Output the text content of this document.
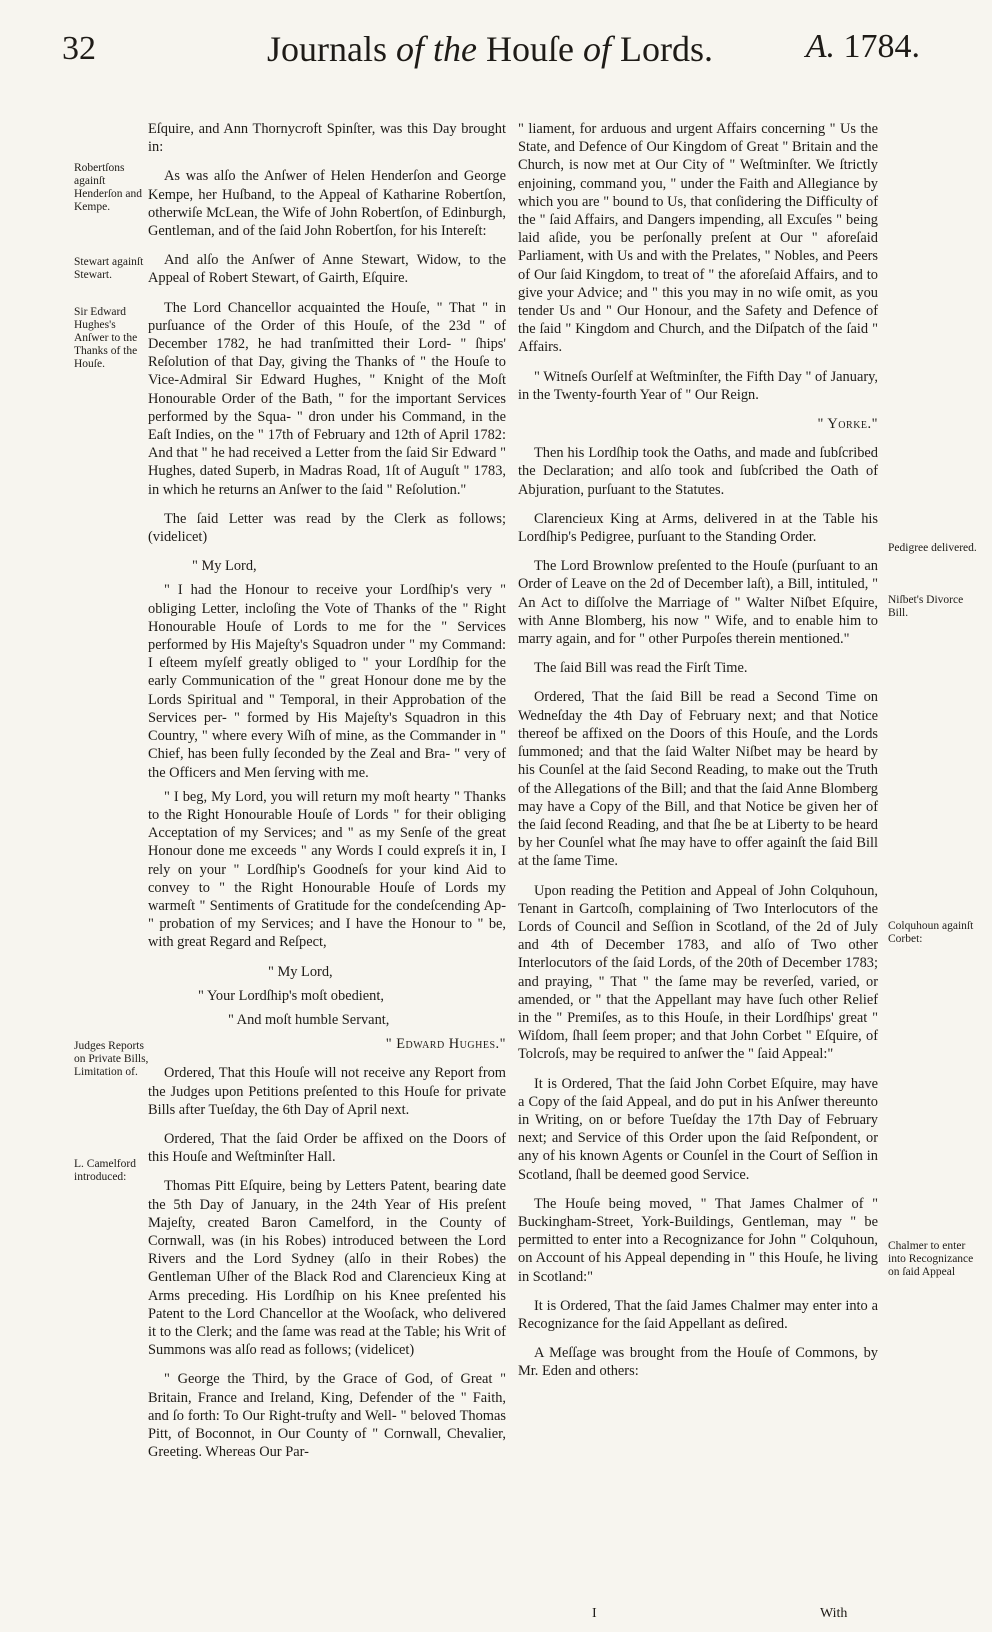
32	Journals of the Houſe of Lords.	A. 1784.
Robertſons againſt Henderſon and Kempe.
Stewart againſt Stewart.
Sir Edward Hughes's Anſwer to the Thanks of the Houſe.
Judges Reports on Private Bills, Limitation of.
L. Camelford introduced:
Pedigree delivered.
Niſbet's Divorce Bill.
Colquhoun againſt Corbet:
Chalmer to enter into Recognizance on ſaid Appeal

Eſquire, and Ann Thornycroft Spinſter, was this Day brought in:

As was alſo the Anſwer of Helen Henderſon and George Kempe, her Huſband, to the Appeal of Katharine Robertſon, otherwiſe McLean, the Wife of John Robertſon, of Edinburgh, Gentleman, and of the ſaid John Robertſon, for his Intereſt:

And alſo the Anſwer of Anne Stewart, Widow, to the Appeal of Robert Stewart, of Gairth, Eſquire.

The Lord Chancellor acquainted the Houſe, " That " in purſuance of the Order of this Houſe, of the 23d " of December 1782, he had tranſmitted their Lord- " ſhips' Reſolution of that Day, giving the Thanks of " the Houſe to Vice-Admiral Sir Edward Hughes, " Knight of the Moſt Honourable Order of the Bath, " for the important Services performed by the Squa- " dron under his Command, in the Eaſt Indies, on the " 17th of February and 12th of April 1782: And that " he had received a Letter from the ſaid Sir Edward " Hughes, dated Superb, in Madras Road, 1ſt of Auguſt " 1783, in which he returns an Anſwer to the ſaid " Reſolution."

The ſaid Letter was read by the Clerk as follows; (videlicet)

" My Lord,

" I had the Honour to receive your Lordſhip's very " obliging Letter, incloſing the Vote of Thanks of the " Right Honourable Houſe of Lords to me for the " Services performed by His Majeſty's Squadron under " my Command: I eſteem myſelf greatly obliged to " your Lordſhip for the early Communication of the " great Honour done me by the Lords Spiritual and " Temporal, in their Approbation of the Services per- " formed by His Majeſty's Squadron in this Country, " where every Wiſh of mine, as the Commander in " Chief, has been fully ſeconded by the Zeal and Bra- " very of the Officers and Men ſerving with me.

" I beg, My Lord, you will return my moſt hearty " Thanks to the Right Honourable Houſe of Lords " for their obliging Acceptation of my Services; and " as my Senſe of the great Honour done me exceeds " any Words I could expreſs it in, I rely on your " Lordſhip's Goodneſs for your kind Aid to convey to " the Right Honourable Houſe of Lords my warmeſt " Sentiments of Gratitude for the condeſcending Ap- " probation of my Services; and I have the Honour to " be, with great Regard and Reſpect,

" My Lord,

" Your Lordſhip's moſt obedient,

" And moſt humble Servant,

" Edward Hughes."

Ordered, That this Houſe will not receive any Report from the Judges upon Petitions preſented to this Houſe for private Bills after Tueſday, the 6th Day of April next.

Ordered, That the ſaid Order be affixed on the Doors of this Houſe and Weſtminſter Hall.

Thomas Pitt Eſquire, being by Letters Patent, bearing date the 5th Day of January, in the 24th Year of His preſent Majeſty, created Baron Camelford, in the County of Cornwall, was (in his Robes) introduced between the Lord Rivers and the Lord Sydney (alſo in their Robes) the Gentleman Uſher of the Black Rod and Clarencieux King at Arms preceding. His Lordſhip on his Knee preſented his Patent to the Lord Chancellor at the Wooſack, who delivered it to the Clerk; and the ſame was read at the Table; his Writ of Summons was alſo read as follows; (videlicet)

" George the Third, by the Grace of God, of Great " Britain, France and Ireland, King, Defender of the " Faith, and ſo forth: To Our Right-truſty and Well- " beloved Thomas Pitt, of Boconnot, in Our County of " Cornwall, Chevalier, Greeting. Whereas Our Par-

" liament, for arduous and urgent Affairs concerning " Us the State, and Defence of Our Kingdom of Great " Britain and the Church, is now met at Our City of " Weſtminſter. We ſtrictly enjoining, command you, " under the Faith and Allegiance by which you are " bound to Us, that conſidering the Difficulty of the " ſaid Affairs, and Dangers impending, all Excuſes " being laid aſide, you be perſonally preſent at Our " aforeſaid Parliament, with Us and with the Prelates, " Nobles, and Peers of Our ſaid Kingdom, to treat of " the aforeſaid Affairs, and to give your Advice; and " this you may in no wiſe omit, as you tender Us and " Our Honour, and the Safety and Defence of the ſaid " Kingdom and Church, and the Diſpatch of the ſaid " Affairs.

" Witneſs Ourſelf at Weſtminſter, the Fifth Day " of January, in the Twenty-fourth Year of " Our Reign.

" Yorke."

Then his Lordſhip took the Oaths, and made and ſubſcribed the Declaration; and alſo took and ſubſcribed the Oath of Abjuration, purſuant to the Statutes.

Clarencieux King at Arms, delivered in at the Table his Lordſhip's Pedigree, purſuant to the Standing Order.

The Lord Brownlow preſented to the Houſe (purſuant to an Order of Leave on the 2d of December laſt), a Bill, intituled, " An Act to diſſolve the Marriage of " Walter Niſbet Eſquire, with Anne Blomberg, his now " Wife, and to enable him to marry again, and for " other Purpoſes therein mentioned."

The ſaid Bill was read the Firſt Time.

Ordered, That the ſaid Bill be read a Second Time on Wedneſday the 4th Day of February next; and that Notice thereof be affixed on the Doors of this Houſe, and the Lords ſummoned; and that the ſaid Walter Niſbet may be heard by his Counſel at the ſaid Second Reading, to make out the Truth of the Allegations of the Bill; and that the ſaid Anne Blomberg may have a Copy of the Bill, and that Notice be given her of the ſaid ſecond Reading, and that ſhe be at Liberty to be heard by her Counſel what ſhe may have to offer againſt the ſaid Bill at the ſame Time.

Upon reading the Petition and Appeal of John Colquhoun, Tenant in Gartcoſh, complaining of Two Interlocutors of the Lords of Council and Seſſion in Scotland, of the 2d of July and 4th of December 1783, and alſo of Two other Interlocutors of the ſaid Lords, of the 20th of December 1783; and praying, " That " the ſame may be reverſed, varied, or amended, or " that the Appellant may have ſuch other Relief in the " Premiſes, as to this Houſe, in their Lordſhips' great " Wiſdom, ſhall ſeem proper; and that John Corbet " Eſquire, of Tolcroſs, may be required to anſwer the " ſaid Appeal:"

It is Ordered, That the ſaid John Corbet Eſquire, may have a Copy of the ſaid Appeal, and do put in his Anſwer thereunto in Writing, on or before Tueſday the 17th Day of February next; and Service of this Order upon the ſaid Reſpondent, or any of his known Agents or Counſel in the Court of Seſſion in Scotland, ſhall be deemed good Service.

The Houſe being moved, " That James Chalmer of " Buckingham-Street, York-Buildings, Gentleman, may " be permitted to enter into a Recognizance for John " Colquhoun, on Account of his Appeal depending in " this Houſe, he living in Scotland:"

It is Ordered, That the ſaid James Chalmer may enter into a Recognizance for the ſaid Appellant as deſired.

A Meſſage was brought from the Houſe of Commons, by Mr. Eden and others:

I	With
